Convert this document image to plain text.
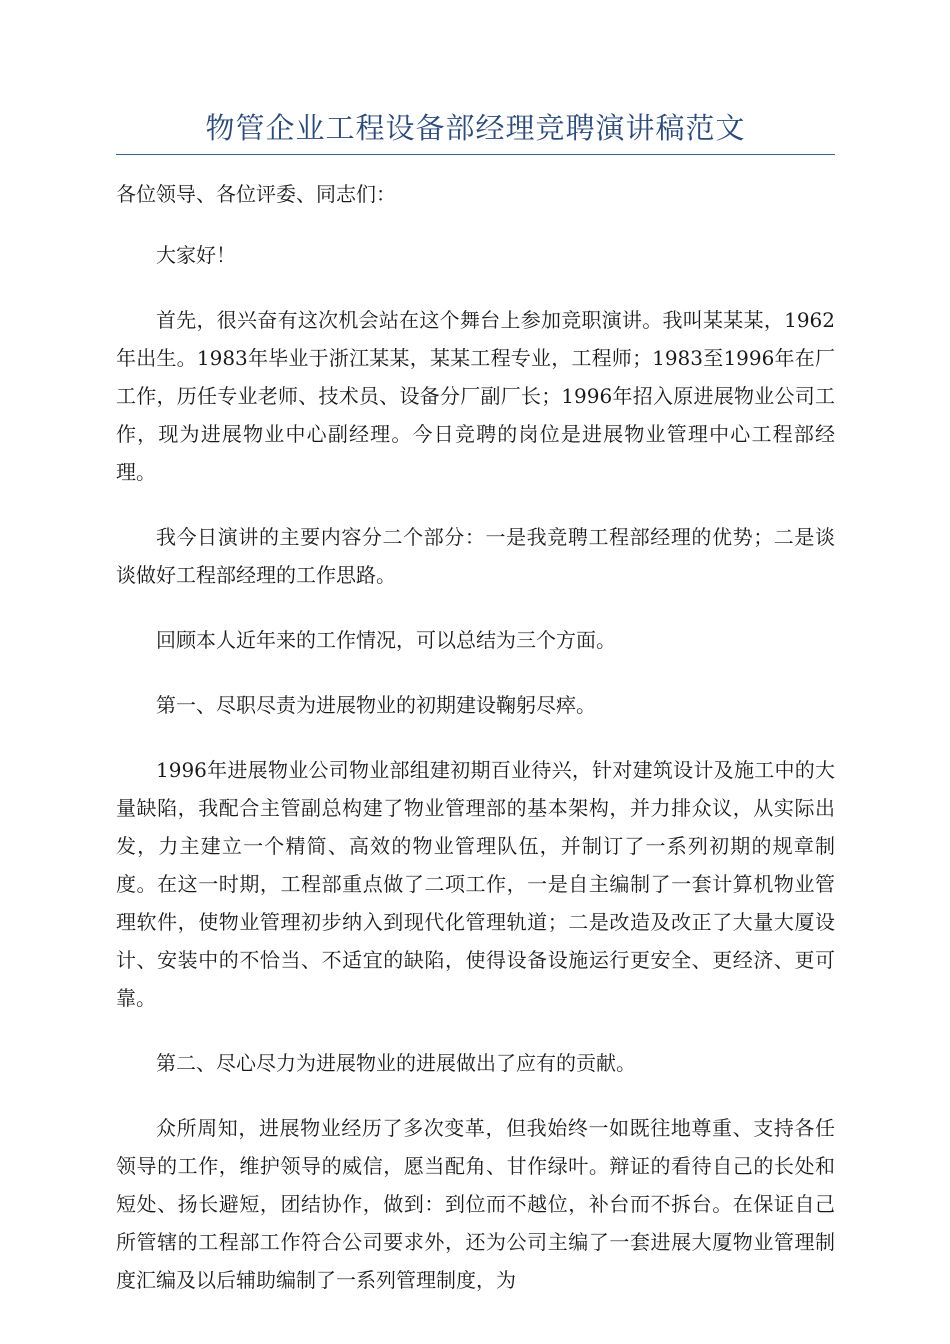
物管企业工程设备部经理竞聘演讲稿范文

各位领导、各位评委、同志们：

大家好！

首先，很兴奋有这次机会站在这个舞台上参加竞职演讲。我叫某某某，1962年出生。1983年毕业于浙江某某，某某工程专业，工程师；1983至1996年在厂工作，历任专业老师、技术员、设备分厂副厂长；1996年招入原进展物业公司工作，现为进展物业中心副经理。今日竞聘的岗位是进展物业管理中心工程部经理。

我今日演讲的主要内容分二个部分：一是我竞聘工程部经理的优势；二是谈谈做好工程部经理的工作思路。

回顾本人近年来的工作情况，可以总结为三个方面。

第一、尽职尽责为进展物业的初期建设鞠躬尽瘁。

1996年进展物业公司物业部组建初期百业待兴，针对建筑设计及施工中的大量缺陷，我配合主管副总构建了物业管理部的基本架构，并力排众议，从实际出发，力主建立一个精简、高效的物业管理队伍，并制订了一系列初期的规章制度。在这一时期，工程部重点做了二项工作，一是自主编制了一套计算机物业管理软件，使物业管理初步纳入到现代化管理轨道；二是改造及改正了大量大厦设计、安装中的不恰当、不适宜的缺陷，使得设备设施运行更安全、更经济、更可靠。

第二、尽心尽力为进展物业的进展做出了应有的贡献。

众所周知，进展物业经历了多次变革，但我始终一如既往地尊重、支持各任领导的工作，维护领导的威信，愿当配角、甘作绿叶。辩证的看待自己的长处和短处、扬长避短，团结协作，做到：到位而不越位，补台而不拆台。在保证自己所管辖的工程部工作符合公司要求外，还为公司主编了一套进展大厦物业管理制度汇编及以后辅助编制了一系列管理制度，为
